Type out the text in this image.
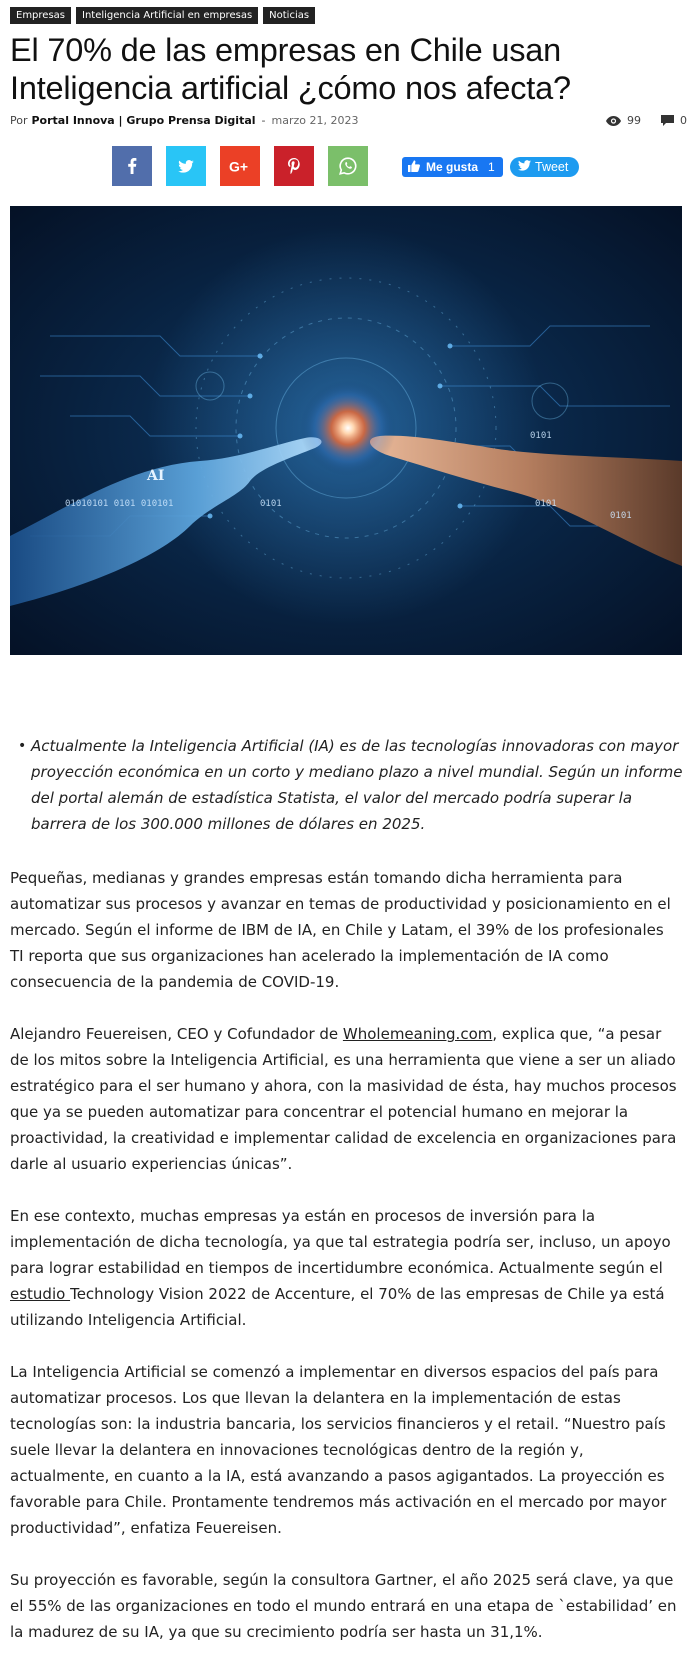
Empresas	Inteligencia Artificial en empresas	Noticias
El 70% de las empresas en Chile usan Inteligencia artificial ¿cómo nos afecta?
Por Portal Innova | Grupo Prensa Digital - marzo 21, 2023	99	0
G+	Me gusta 1	Tweet
AI
01010101 0101 010101	0101
0101
0101
0101
• Actualmente la Inteligencia Artificial (IA) es de las tecnologías innovadoras con mayor proyección económica en un corto y mediano plazo a nivel mundial. Según un informe del portal alemán de estadística Statista, el valor del mercado podría superar la barrera de los 300.000 millones de dólares en 2025.

Pequeñas, medianas y grandes empresas están tomando dicha herramienta para automatizar sus procesos y avanzar en temas de productividad y posicionamiento en el mercado. Según el informe de IBM de IA, en Chile y Latam, el 39% de los profesionales TI reporta que sus organizaciones han acelerado la implementación de IA como consecuencia de la pandemia de COVID-19.

Alejandro Feuereisen, CEO y Cofundador de Wholemeaning.com, explica que, “a pesar de los mitos sobre la Inteligencia Artificial, es una herramienta que viene a ser un aliado estratégico para el ser humano y ahora, con la masividad de ésta, hay muchos procesos que ya se pueden automatizar para concentrar el potencial humano en mejorar la proactividad, la creatividad e implementar calidad de excelencia en organizaciones para darle al usuario experiencias únicas”.

En ese contexto, muchas empresas ya están en procesos de inversión para la implementación de dicha tecnología, ya que tal estrategia podría ser, incluso, un apoyo para lograr estabilidad en tiempos de incertidumbre económica. Actualmente según el estudio Technology Vision 2022 de Accenture, el 70% de las empresas de Chile ya está utilizando Inteligencia Artificial.

La Inteligencia Artificial se comenzó a implementar en diversos espacios del país para automatizar procesos. Los que llevan la delantera en la implementación de estas tecnologías son: la industria bancaria, los servicios financieros y el retail. “Nuestro país suele llevar la delantera en innovaciones tecnológicas dentro de la región y, actualmente, en cuanto a la IA, está avanzando a pasos agigantados. La proyección es favorable para Chile. Prontamente tendremos más activación en el mercado por mayor productividad”, enfatiza Feuereisen.

Su proyección es favorable, según la consultora Gartner, el año 2025 será clave, ya que el 55% de las organizaciones en todo el mundo entrará en una etapa de `estabilidad’ en la madurez de su IA, ya que su crecimiento podría ser hasta un 31,1%.
